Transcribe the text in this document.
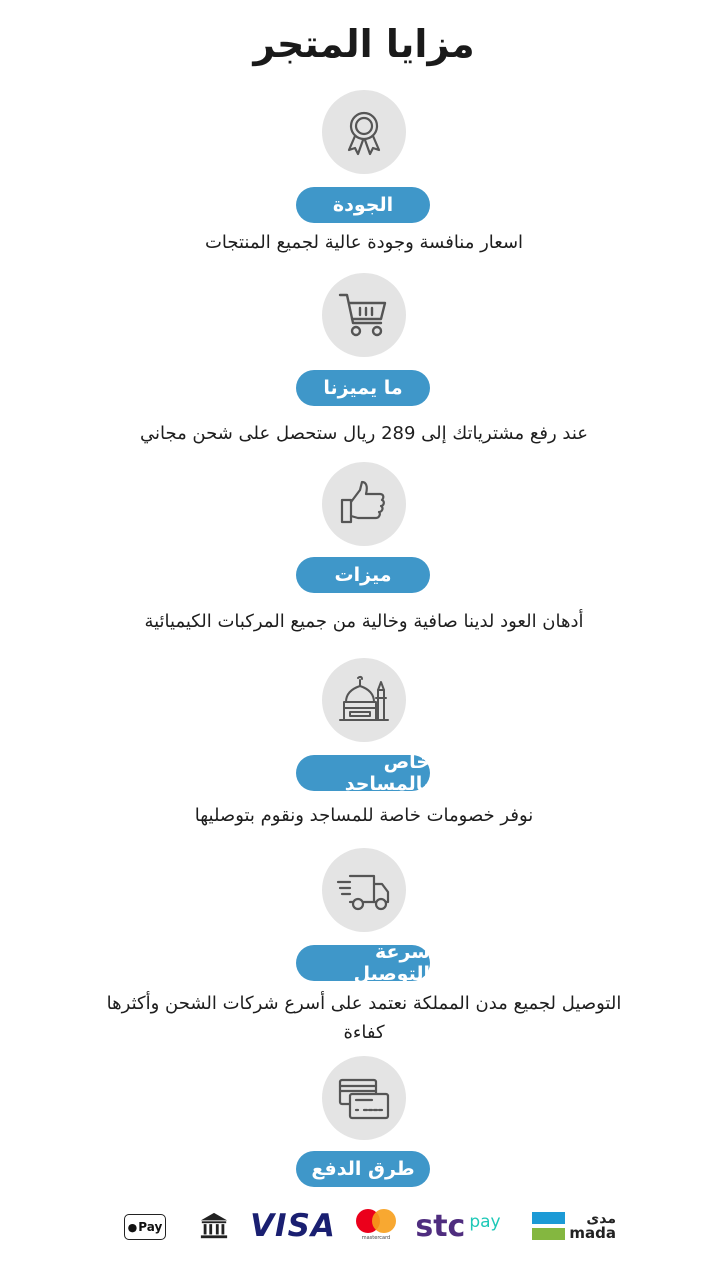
مزايا المتجر
الجودة
اسعار منافسة وجودة عالية لجميع المنتجات
ما يميزنا
عند رفع مشترياتك إلى 289 ريال ستحصل على شحن مجاني
ميزات
أدهان العود لدينا صافية وخالية من جميع المركبات الكيميائية
خاص بالمساجد
نوفر خصومات خاصة للمساجد ونقوم بتوصليها
سرعة التوصيل
التوصيل لجميع مدن المملكة نعتمد على أسرع شركات الشحن وأكثرها كفاءة
طرق الدفع
● Pay	VISA	mastercard stc pay	مدى
mada
